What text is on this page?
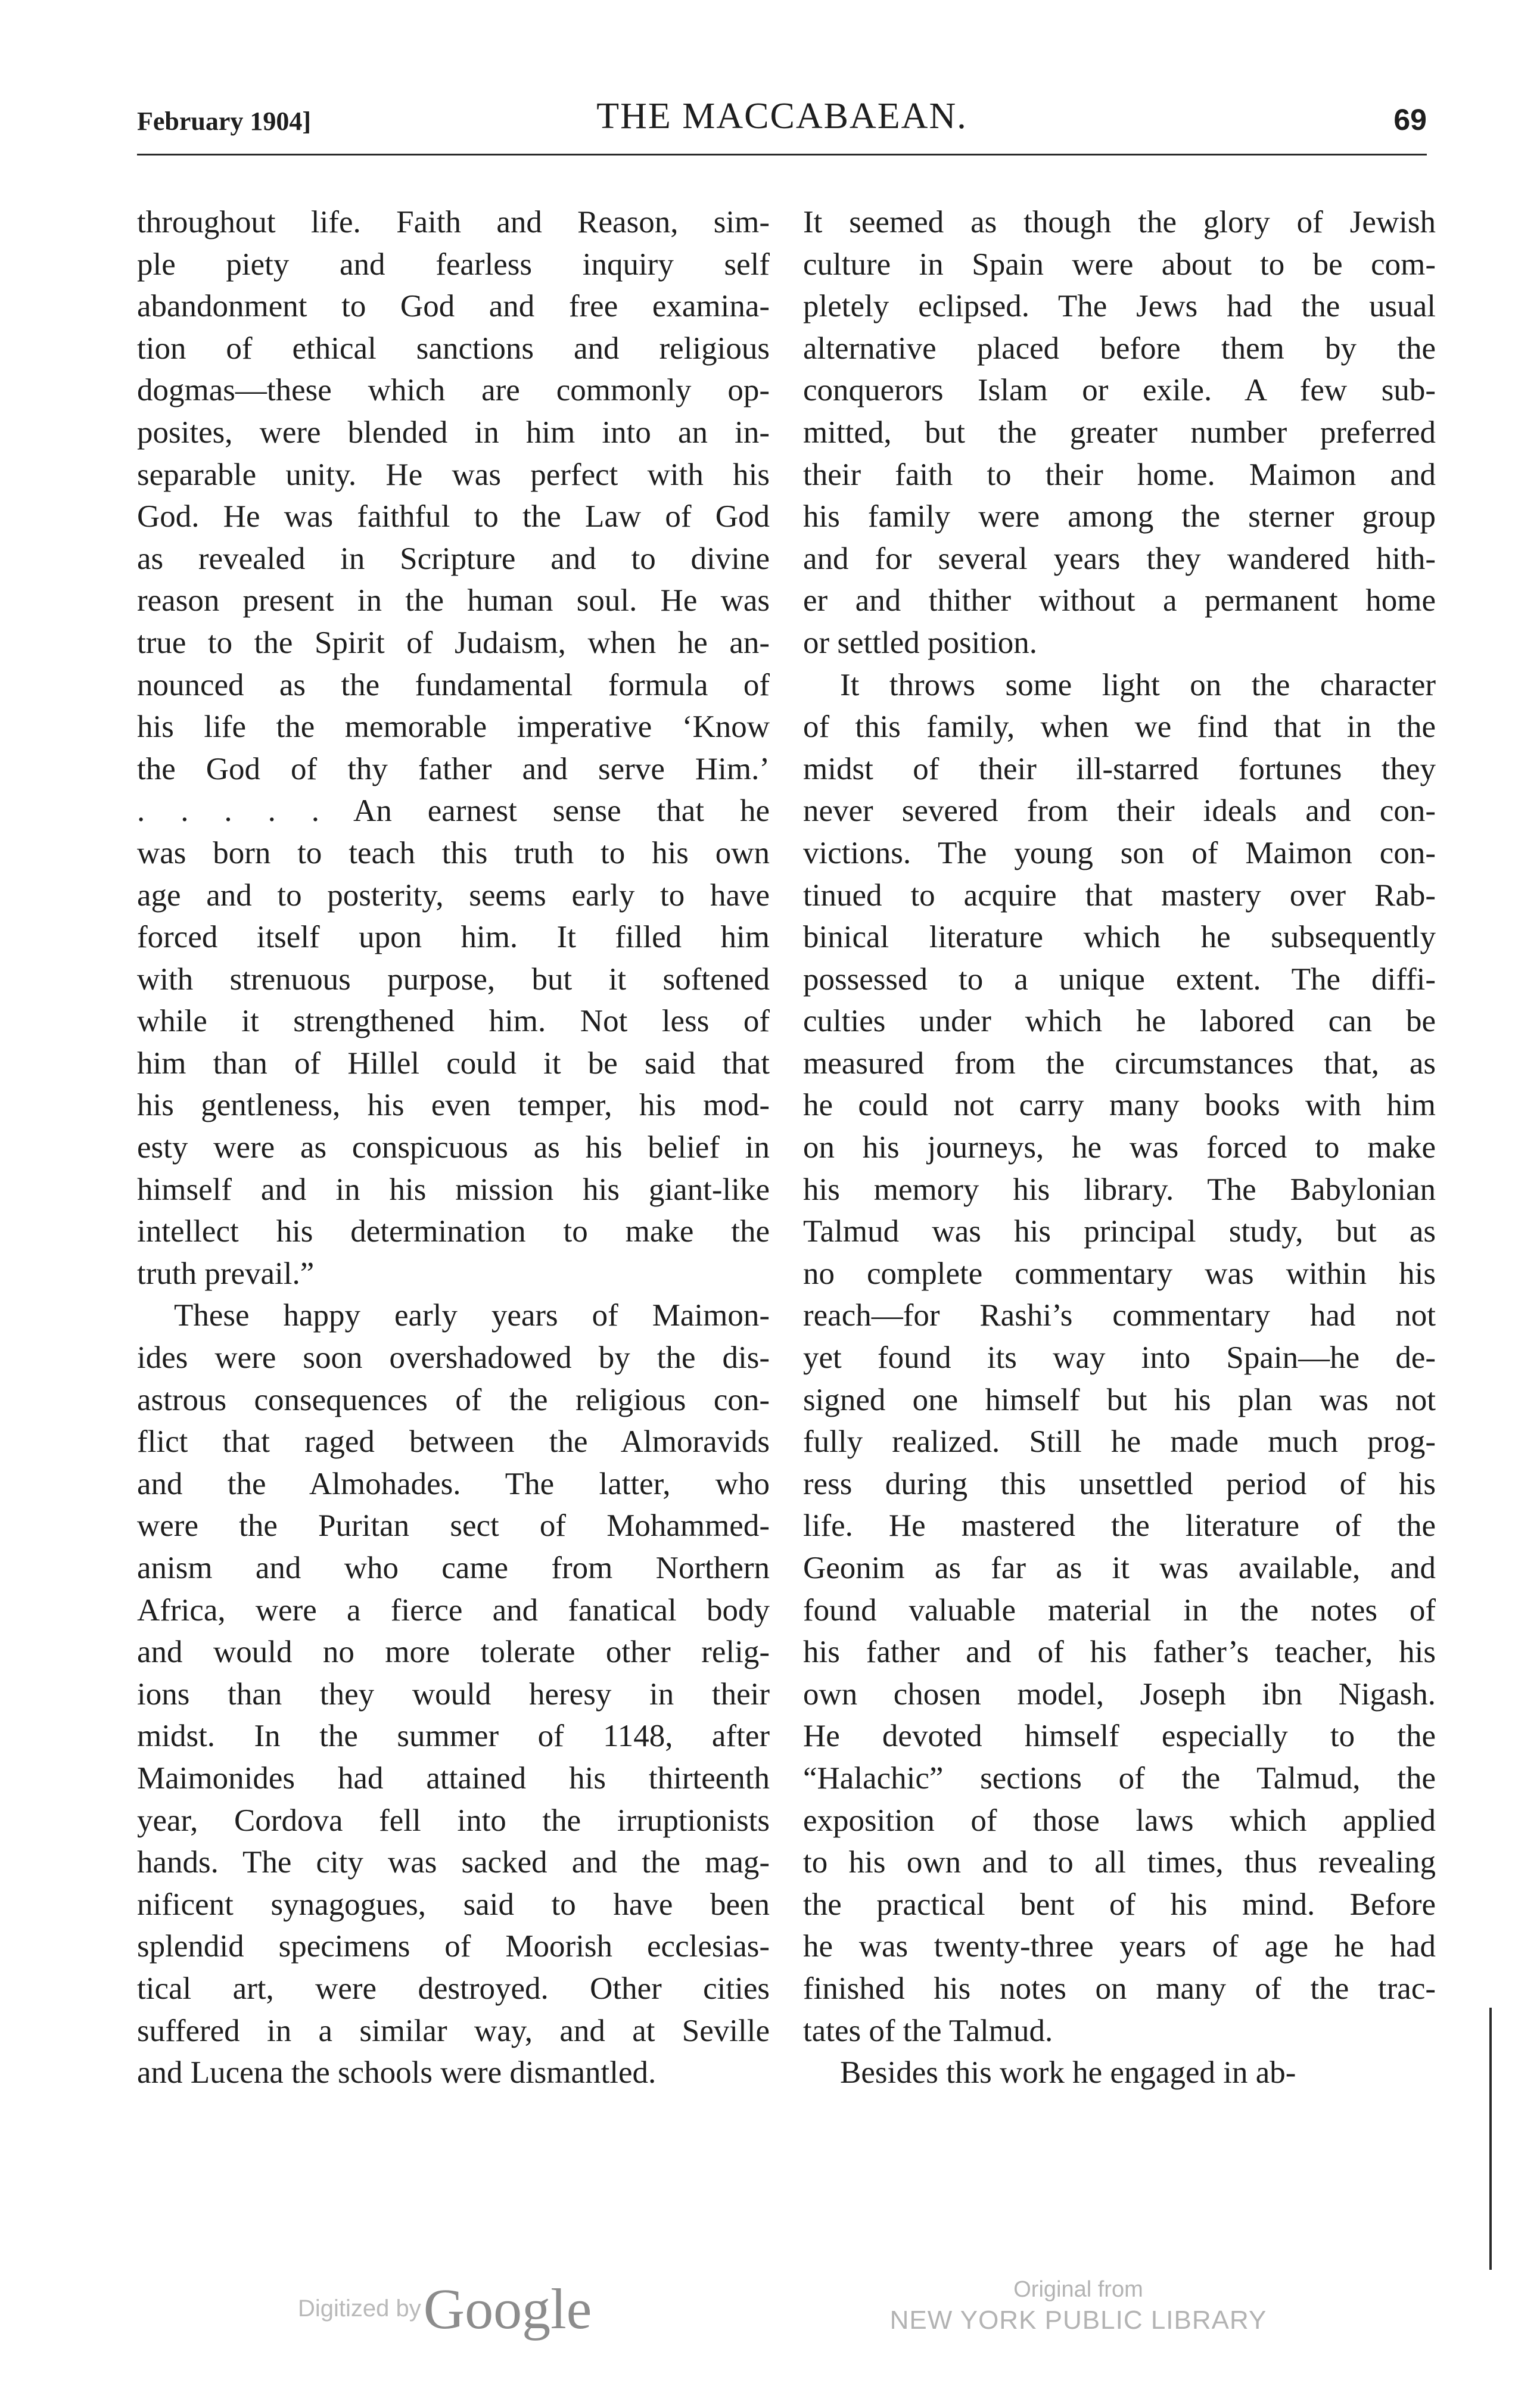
February 1904]	THE MACCABAEAN.	69
throughout life. Faith and Reason, sim-
ple piety and fearless inquiry self
abandonment to God and free examina-
tion of ethical sanctions and religious
dogmas—these which are commonly op-
posites, were blended in him into an in-
separable unity. He was perfect with his
God. He was faithful to the Law of God
as revealed in Scripture and to divine
reason present in the human soul. He was
true to the Spirit of Judaism, when he an-
nounced as the fundamental formula of
his life the memorable imperative ‘Know
the God of thy father and serve Him.’
. . . . . An earnest sense that he
was born to teach this truth to his own
age and to posterity, seems early to have
forced itself upon him. It filled him
with strenuous purpose, but it softened
while it strengthened him. Not less of
him than of Hillel could it be said that
his gentleness, his even temper, his mod-
esty were as conspicuous as his belief in
himself and in his mission his giant-like
intellect his determination to make the
truth prevail.”
These happy early years of Maimon-
ides were soon overshadowed by the dis-
astrous consequences of the religious con-
flict that raged between the Almoravids
and the Almohades. The latter, who
were the Puritan sect of Mohammed-
anism and who came from Northern
Africa, were a fierce and fanatical body
and would no more tolerate other relig-
ions than they would heresy in their
midst. In the summer of 1148, after
Maimonides had attained his thirteenth
year, Cordova fell into the irruptionists
hands. The city was sacked and the mag-
nificent synagogues, said to have been
splendid specimens of Moorish ecclesias-
tical art, were destroyed. Other cities
suffered in a similar way, and at Seville
and Lucena the schools were dismantled.
It seemed as though the glory of Jewish
culture in Spain were about to be com-
pletely eclipsed. The Jews had the usual
alternative placed before them by the
conquerors Islam or exile. A few sub-
mitted, but the greater number preferred
their faith to their home. Maimon and
his family were among the sterner group
and for several years they wandered hith-
er and thither without a permanent home
or settled position.
It throws some light on the character
of this family, when we find that in the
midst of their ill-starred fortunes they
never severed from their ideals and con-
victions. The young son of Maimon con-
tinued to acquire that mastery over Rab-
binical literature which he subsequently
possessed to a unique extent. The diffi-
culties under which he labored can be
measured from the circumstances that, as
he could not carry many books with him
on his journeys, he was forced to make
his memory his library. The Babylonian
Talmud was his principal study, but as
no complete commentary was within his
reach—for Rashi’s commentary had not
yet found its way into Spain—he de-
signed one himself but his plan was not
fully realized. Still he made much prog-
ress during this unsettled period of his
life. He mastered the literature of the
Geonim as far as it was available, and
found valuable material in the notes of
his father and of his father’s teacher, his
own chosen model, Joseph ibn Nigash.
He devoted himself especially to the
“Halachic” sections of the Talmud, the
exposition of those laws which applied
to his own and to all times, thus revealing
the practical bent of his mind. Before
he was twenty-three years of age he had
finished his notes on many of the trac-
tates of the Talmud.
Besides this work he engaged in ab-
Digitized by Google	Original from
NEW YORK PUBLIC LIBRARY
